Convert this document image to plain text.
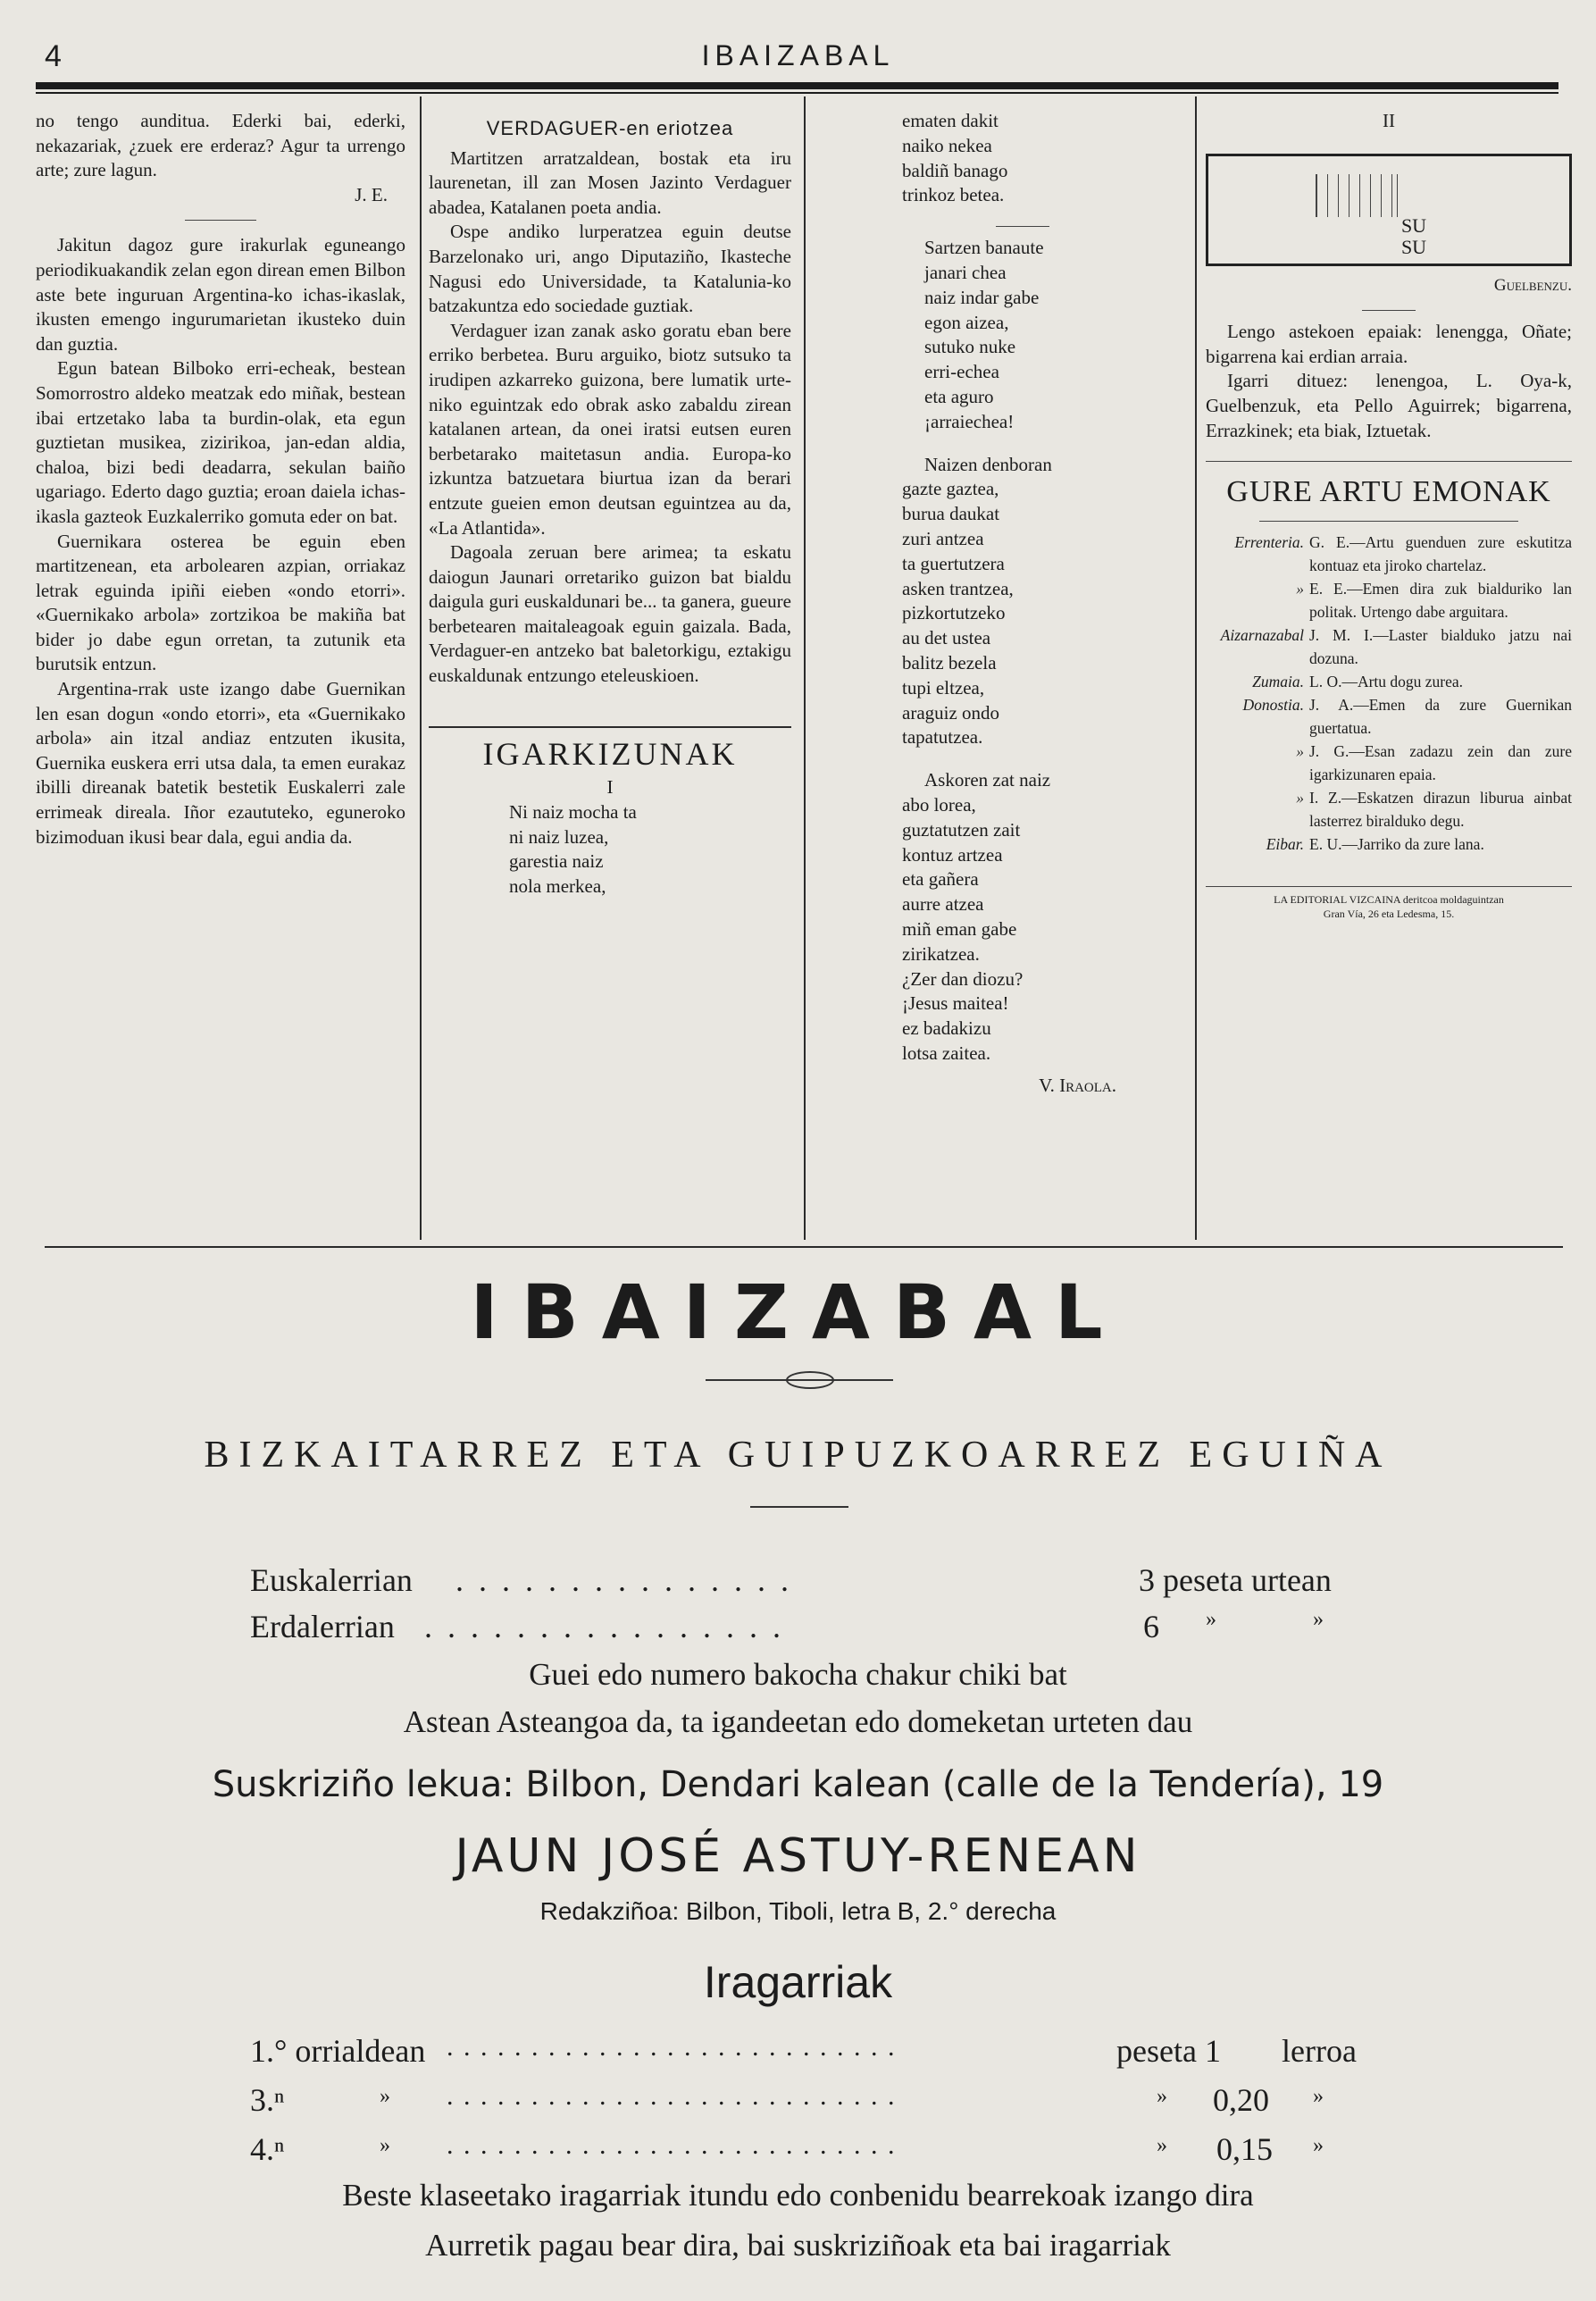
4	IBAIZABAL

no tengo aunditua. Ederki bai, ederki, nekazariak, ¿zuek ere erderaz? Agur ta urrengo arte; zure lagun.

J. E.

Jakitun dagoz gure irakurlak eguneango periodikuakandik zelan egon direan emen Bilbon aste bete inguruan Argentina-ko ichas-ikaslak, ikusten emengo ingurumarietan ikusteko duin dan guztia.

Egun batean Bilboko erri-echeak, bestean Somorrostro aldeko meatzak edo miñak, bestean ibai ertzetako laba ta burdin-olak, eta egun guztietan musikea, zizirikoa, jan-edan aldia, chaloa, bizi bedi deadarra, sekulan baiño ugariago. Ederto dago guztia; eroan daiela ichas-ikasla gazteok Euzkalerriko gomuta eder on bat.

Guernikara osterea be eguin eben martitzenean, eta arbolearen azpian, orriakaz letrak eguinda ipiñi eieben «ondo etorri». «Guernikako arbola» zortzikoa be makiña bat bider jo dabe egun orretan, ta zutunik eta burutsik entzun.

Argentina-rrak uste izango dabe Guernikan len esan dogun «ondo etorri», eta «Guernikako arbola» ain itzal andiaz entzuten ikusita, Guernika euskera erri utsa dala, ta emen eurakaz ibilli direanak batetik bestetik Euskalerri zale errimeak direala. Iñor ezaututeko, eguneroko bizimoduan ikusi bear dala, egui andia da.

VERDAGUER-en eriotzea

Martitzen arratzaldean, bostak eta iru laurenetan, ill zan Mosen Jazinto Verdaguer abadea, Katalanen poeta andia.

Ospe andiko lurperatzea eguin deutse Barzelonako uri, ango Diputaziño, Ikasteche Nagusi edo Universidade, ta Katalunia-ko batzakuntza edo sociedade guztiak.

Verdaguer izan zanak asko goratu eban bere erriko berbetea. Buru arguiko, biotz sutsuko ta irudipen azkarreko guizona, bere lumatik urte-niko eguintzak edo obrak asko zabaldu zirean katalanen artean, da onei iratsi eutsen euren berbetarako maitetasun andia. Europa-ko izkuntza batzuetara biurtua izan da berari entzute gueien emon deutsan eguintzea au da, «La Atlantida».

Dagoala zeruan bere arimea; ta eskatu daiogun Jaunari orretariko guizon bat bialdu daigula guri euskaldunari be... ta ganera, gueure berbetearen maitaleagoak eguin gaizala. Bada, Verdaguer-en antzeko bat baletorkigu, eztakigu euskaldunak entzungo eteleuskioen.

IGARKIZUNAK
I
Ni naiz mocha ta
ni naiz luzea,
garestia naiz
nola merkea,
ematen dakit
naiko nekea
baldiñ banago
trinkoz betea.
Sartzen banaute
janari chea
naiz indar gabe
egon aizea,
sutuko nuke
erri-echea
eta aguro
¡arraiechea!
Naizen denboran
gazte gaztea,
burua daukat
zuri antzea
ta guertutzera
asken trantzea,
pizkortutzeko
au det ustea
balitz bezela
tupi eltzea,
araguiz ondo
tapatutzea.
Askoren zat naiz
abo lorea,
guztatutzen zait
kontuz artzea
eta gañera
aurre atzea
miñ eman gabe
zirikatzea.
¿Zer dan diozu?
¡Jesus maitea!
ez badakizu
lotsa zaitea.
V. Iraola.
II
SU
SU
Guelbenzu.

Lengo astekoen epaiak: lenengga, Oñate; bigarrena kai erdian arraia.

Igarri dituez: lenengoa, L. Oya-k, Guelbenzuk, eta Pello Aguirrek; bigarrena, Errazkinek; eta biak, Iztuetak.

GURE ARTU EMONAK
Errenteria. G. E.—Artu guenduen zure eskutitza kontuaz eta jiroko chartelaz.
» E. E.—Emen dira zuk bialduriko lan politak. Urtengo dabe arguitara.
Aizarnazabal J. M. I.—Laster bialduko jatzu nai dozuna.
Zumaia. L. O.—Artu dogu zurea.
Donostia. J. A.—Emen da zure Guernikan guertatua.
» J. G.—Esan zadazu zein dan zure igarkizunaren epaia.
» I. Z.—Eskatzen dirazun liburua ainbat lasterrez biralduko degu.
Eibar. E. U.—Jarriko da zure lana.
LA EDITORIAL VIZCAINA deritcoa moldaguintzan
Gran Vía, 26 eta Ledesma, 15.
IBAIZABAL
BIZKAITARREZ ETA GUIPUZKOARREZ EGUIÑA
Euskalerrian . . . . . . . . . . . . . . .	3 peseta urtean
Erdalerrian . . . . . . . . . . . . . . . .	6 »	»
Guei edo numero bakocha chakur chiki bat
Astean Asteangoa da, ta igandeetan edo domeketan urteten dau
Suskriziño lekua: Bilbon, Dendari kalean (calle de la Tendería), 19
JAUN JOSÉ ASTUY-RENEAN
Redakziñoa: Bilbon, Tiboli, letra B, 2.° derecha
Iragarriak
1.° orrialdean . . . . . . . . . . . . . . . . . . . . . . . . . . .	peseta 1 lerroa
3.ⁿ	» . . . . . . . . . . . . . . . . . . . . . . . . . . .	» 0,20 »
4.ⁿ	» . . . . . . . . . . . . . . . . . . . . . . . . . . .	» 0,15 »
Beste klaseetako iragarriak itundu edo conbenidu bearrekoak izango dira
Aurretik pagau bear dira, bai suskriziñoak eta bai iragarriak
